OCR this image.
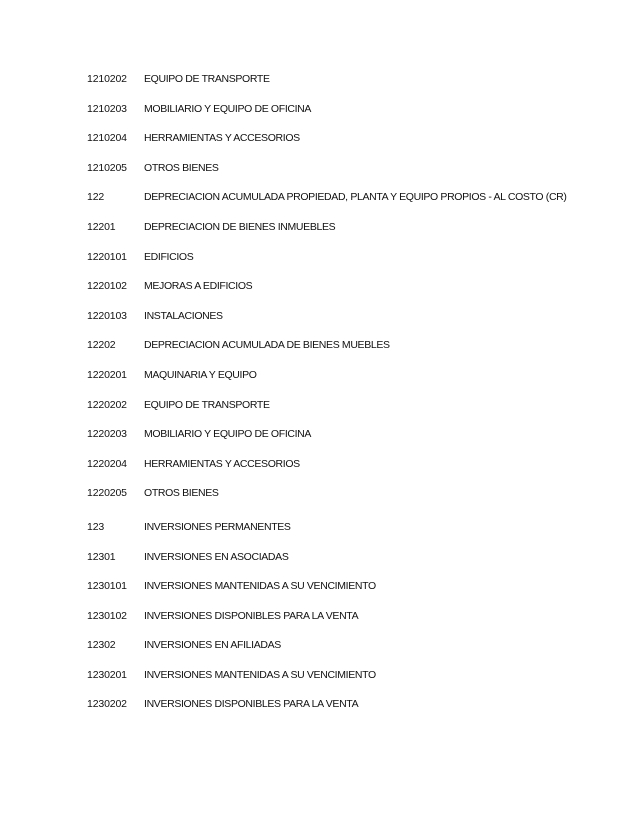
1210202 EQUIPO DE TRANSPORTE
1210203 MOBILIARIO Y EQUIPO DE OFICINA
1210204 HERRAMIENTAS Y ACCESORIOS
1210205 OTROS BIENES
122	DEPRECIACION ACUMULADA PROPIEDAD, PLANTA Y EQUIPO PROPIOS - AL COSTO (CR)
12201	DEPRECIACION DE BIENES INMUEBLES
1220101 EDIFICIOS
1220102 MEJORAS A EDIFICIOS
1220103 INSTALACIONES
12202	DEPRECIACION ACUMULADA DE BIENES MUEBLES
1220201 MAQUINARIA Y EQUIPO
1220202 EQUIPO DE TRANSPORTE
1220203 MOBILIARIO Y EQUIPO DE OFICINA
1220204 HERRAMIENTAS Y ACCESORIOS
1220205 OTROS BIENES
123	INVERSIONES PERMANENTES
12301	INVERSIONES EN ASOCIADAS
1230101 INVERSIONES MANTENIDAS A SU VENCIMIENTO
1230102 INVERSIONES DISPONIBLES PARA LA VENTA
12302	INVERSIONES EN AFILIADAS
1230201 INVERSIONES MANTENIDAS A SU VENCIMIENTO
1230202 INVERSIONES DISPONIBLES PARA LA VENTA
